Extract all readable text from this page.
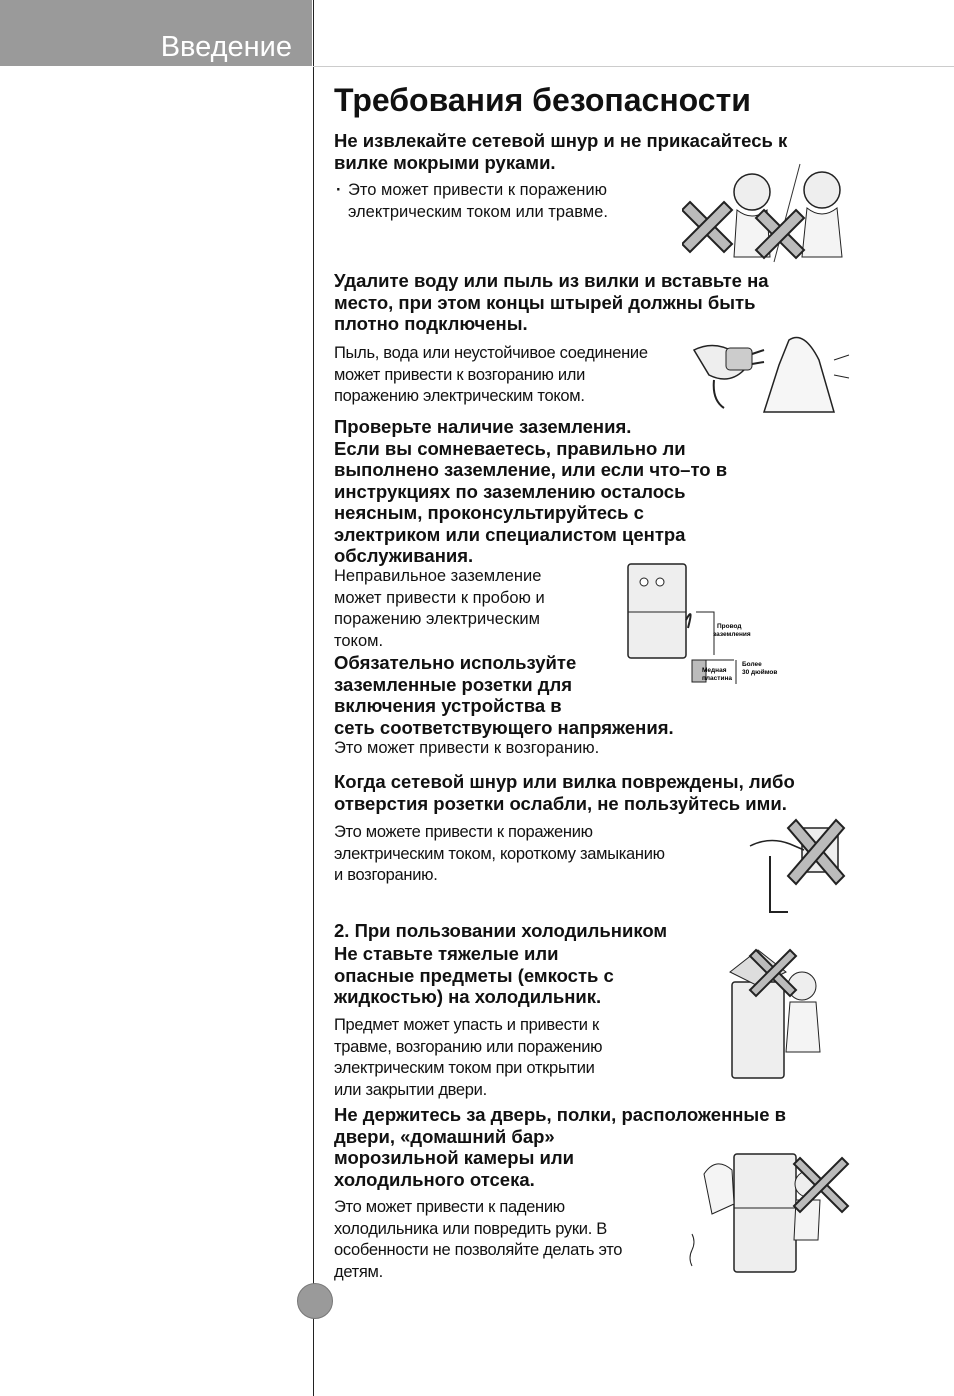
Введение
Требования безопасности
Не извлекайте сетевой шнур и не прикасайтесь к
вилке мокрыми руками.
· Это может привести к поражению
электрическим током или травме.
Удалите воду или пыль из вилки и вставьте на
место, при этом концы штырей должны быть
плотно подключены.
Пыль, вода или неустойчивое соединение
может привести к возгоранию или
поражению электрическим током.
Проверьте наличие заземления.
Если вы сомневаетесь, правильно ли
выполнено заземление, или если что–то в
инструкциях по заземлению осталось
неясным, проконсультируйтесь с
электриком или специалистом центра
обслуживания.
Неправильное заземление
может привести к пробою и
поражению электрическим
током.
Обязательно используйте
заземленные розетки для
включения устройства в
сеть соответствующего напряжения.
Это может привести к возгоранию.
Провод
заземления
Медная
пластина
Более
30 дюймов
Когда сетевой шнур или вилка повреждены, либо
отверстия розетки ослабли, не пользуйтесь ими.
Это можете привести к поражению
электрическим током, короткому замыканию
и возгоранию.
2. При пользовании холодильником
Не ставьте тяжелые или
опасные предметы (емкость с
жидкостью) на холодильник.
Предмет может упасть и привести к
травме, возгоранию или поражению
электрическим током при открытии
или закрытии двери.
Не держитесь за дверь, полки, расположенные в
двери, «домашний бар»
морозильной камеры или
холодильного отсека.
Это может привести к падению
холодильника или повредить руки. В
особенности не позволяйте делать это
детям.
